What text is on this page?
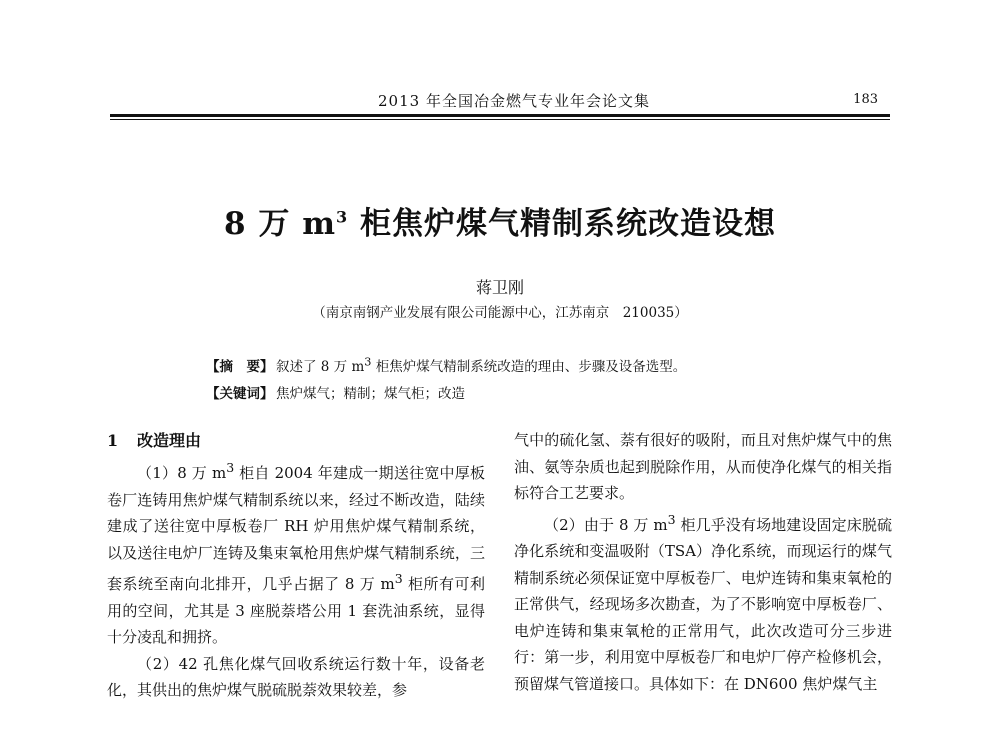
2013 年全国冶金燃气专业年会论文集	183
8 万 $m^3$ 柜焦炉煤气精制系统改造设想
蒋卫刚
（南京南钢产业发展有限公司能源中心，江苏南京　210035）
【摘　要】 叙述了 8 万 $m^3$ 柜焦炉煤气精制系统改造的理由、步骤及设备选型。
【关键词】 焦炉煤气；精制；煤气柜；改造
1 改造理由

（1）8 万 $m^3$ 柜自 2004 年建成一期送往宽中厚板卷厂连铸用焦炉煤气精制系统以来，经过不断改造，陆续建成了送往宽中厚板卷厂 RH 炉用焦炉煤气精制系统，以及送往电炉厂连铸及集束氧枪用焦炉煤气精制系统，三套系统至南向北排开，几乎占据了 8 万 $m^3$ 柜所有可利用的空间，尤其是 3 座脱萘塔公用 1 套洗油系统，显得十分凌乱和拥挤。

（2）42 孔焦化煤气回收系统运行数十年，设备老化，其供出的焦炉煤气脱硫脱萘效果较差，参

气中的硫化氢、萘有很好的吸附，而且对焦炉煤气中的焦油、氨等杂质也起到脱除作用，从而使净化煤气的相关指标符合工艺要求。

（2）由于 8 万 $m^3$ 柜几乎没有场地建设固定床脱硫净化系统和变温吸附（TSA）净化系统，而现运行的煤气精制系统必须保证宽中厚板卷厂、电炉连铸和集束氧枪的正常供气，经现场多次勘查，为了不影响宽中厚板卷厂、电炉连铸和集束氧枪的正常用气，此次改造可分三步进行：第一步，利用宽中厚板卷厂和电炉厂停产检修机会，预留煤气管道接口。具体如下：在 DN600 焦炉煤气主
